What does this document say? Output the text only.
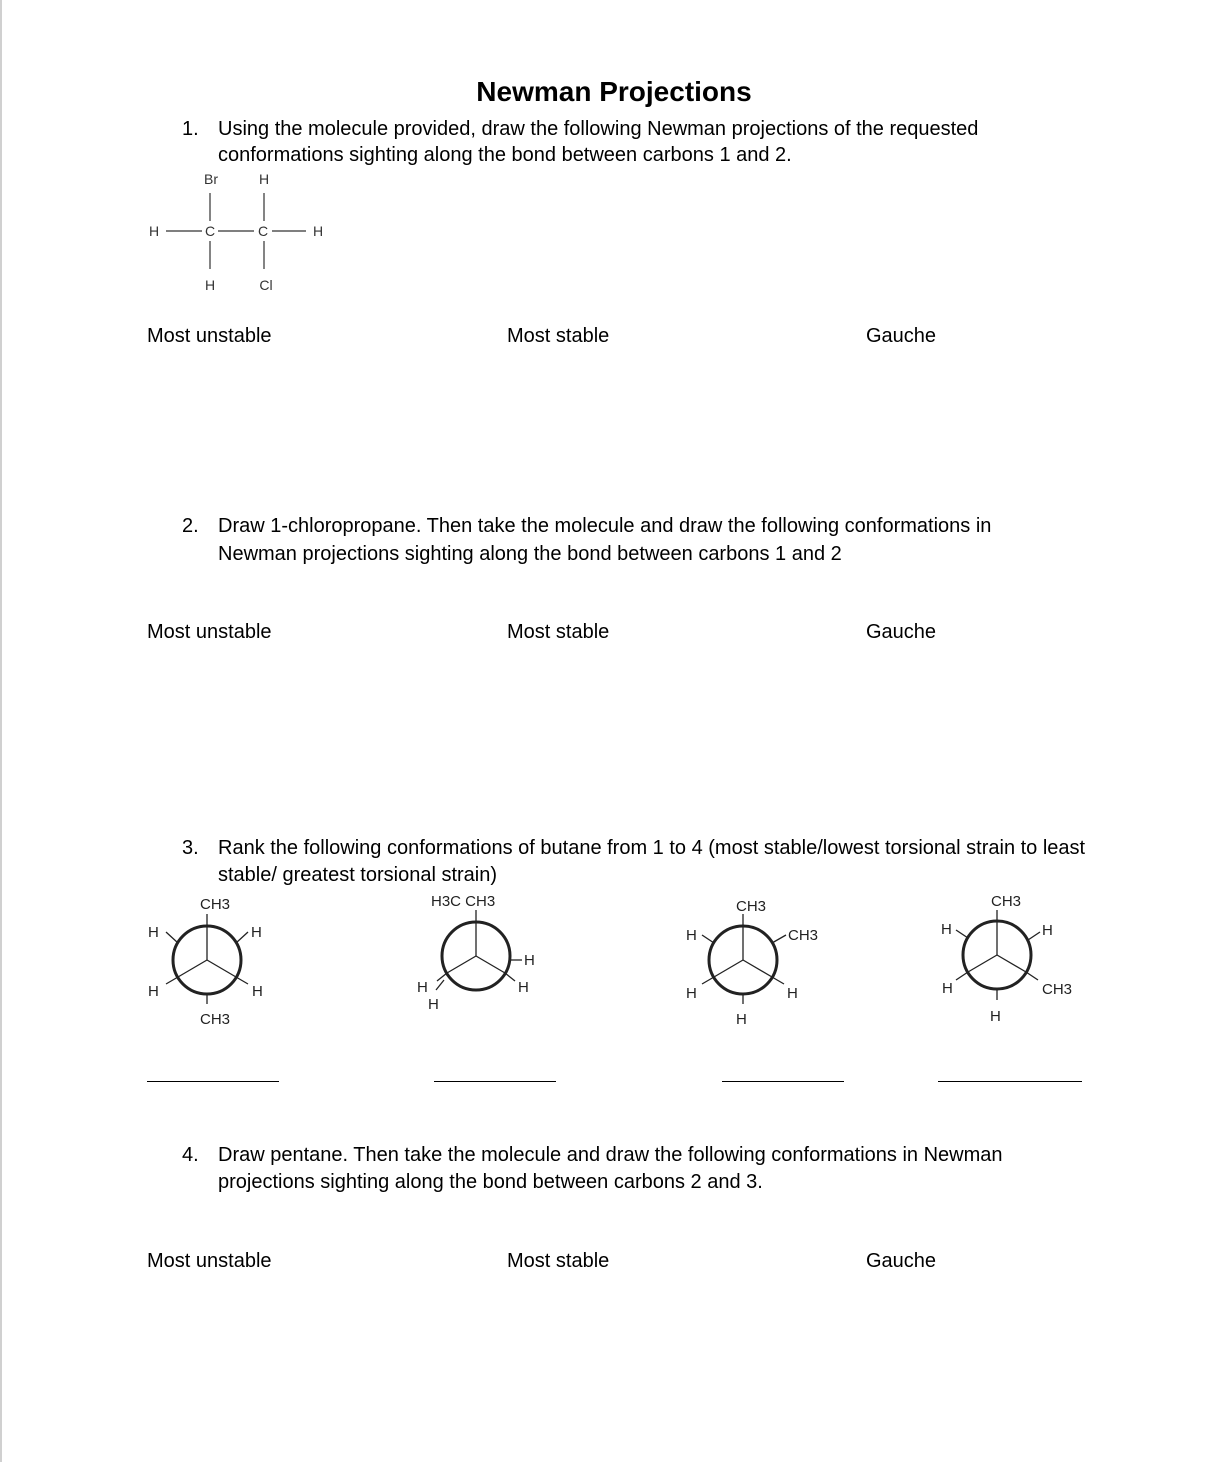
Newman Projections
1. Using the molecule provided, draw the following Newman projections of the requested conformations sighting along the bond between carbons 1 and 2.
Br	H
H	C	C	H
H	Cl
Most unstable	Most stable	Gauche
2. Draw 1-chloropropane. Then take the molecule and draw the following conformations in Newman projections sighting along the bond between carbons 1 and 2
Most unstable	Most stable	Gauche
3. Rank the following conformations of butane from 1 to 4 (most stable/lowest torsional strain to least stable/ greatest torsional strain)
CH3
H	H
H	H
CH3
H3C CH3
H
H
H
H
CH3
CH3
H
H	H
H
CH3
H
H
H	CH3
H
4. Draw pentane. Then take the molecule and draw the following conformations in Newman projections sighting along the bond between carbons 2 and 3.
Most unstable	Most stable	Gauche
